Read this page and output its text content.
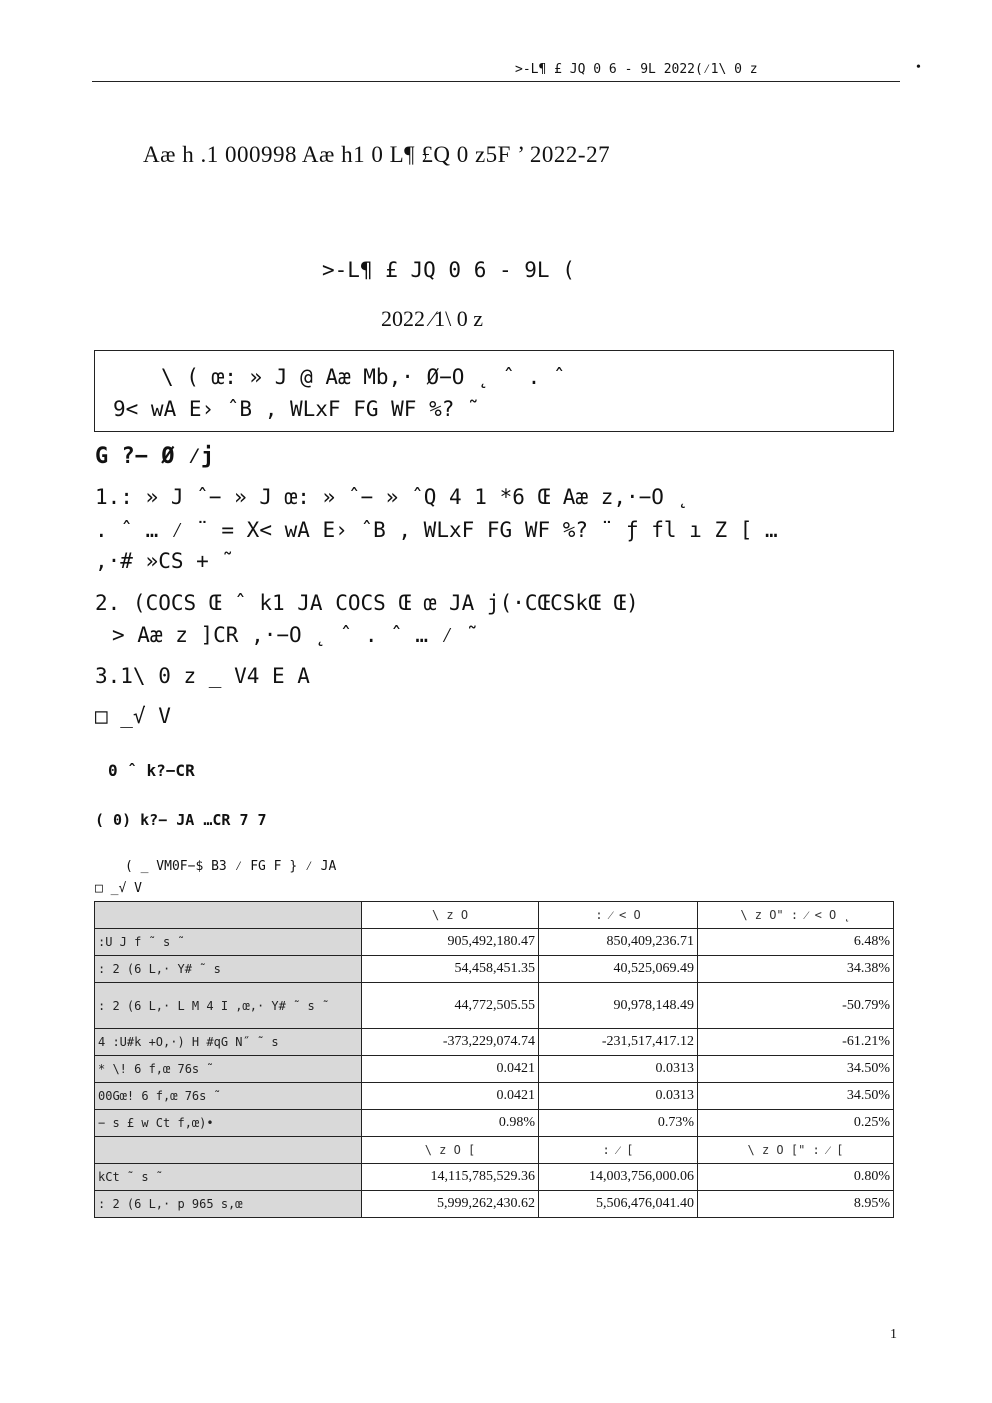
>-L¶ £ JQ 0 6 - 9L 2022(⁄1\ 0 z	•
Aæ h .1 000998 Aæ h1 0 L¶ £Q 0 z5F ’ 2022-27
>-L¶ £ JQ 0 6 - 9L (
2022 ⁄1\ 0 z
\ ( œ: » J @ Aæ Mb,· Ø−O ˛ ˆ . ˆ
9< wA E› ˆB , WLxF FG WF %? ˜
G ?− Ø ⁄j
1.: » J ˆ− » J œ: » ˆ− » ˆQ 4 1 *6 Œ Aæ z,·−O ˛
. ˆ … ⁄ ¨ = X< wA E› ˆB , WLxF FG WF %? ¨ ƒ fl ı Z [ …
,·# »CS + ˜
2. (COCS Œ ˆ k1 JA COCS Œ œ JA j(·CŒCSkŒ Œ)
> Aæ z ]CR ,·−O ˛ ˆ . ˆ … ⁄ ˜
3.1\ 0 z _ V4 E A
□ _√ V
0 ˆ k?−CR
( 0) k?− JA …CR 7 7
( _ VM0F−$ B3 ⁄ FG F } ⁄ JA
□ _√ V
	\ z O	: ⁄ < O	\ z O" : ⁄ < O ˛
:U J f ˜ s ˜	905,492,180.47	850,409,236.71	6.48%
: 2 (6 L,· Y# ˜ s	54,458,451.35	40,525,069.49	34.38%
: 2 (6 L,· L M 4 I ,œ,· Y# ˜ s ˜	44,772,505.55	90,978,148.49	-50.79%
4 :U#k +O,·) H #qG N˝ ˜ s	-373,229,074.74	-231,517,417.12	-61.21%
* \! 6 f,œ 76s ˜	0.0421	0.0313	34.50%
00Gœ! 6 f,œ 76s ˜	0.0421	0.0313	34.50%
− s £ w Ct f,œ)•	0.98%	0.73%	0.25%
	\ z O [	: ⁄ [	\ z O [" : ⁄ [
kCt ˜ s ˜	14,115,785,529.36	14,003,756,000.06	0.80%
: 2 (6 L,· p 965 s,œ	5,999,262,430.62	5,506,476,041.40	8.95%
1
